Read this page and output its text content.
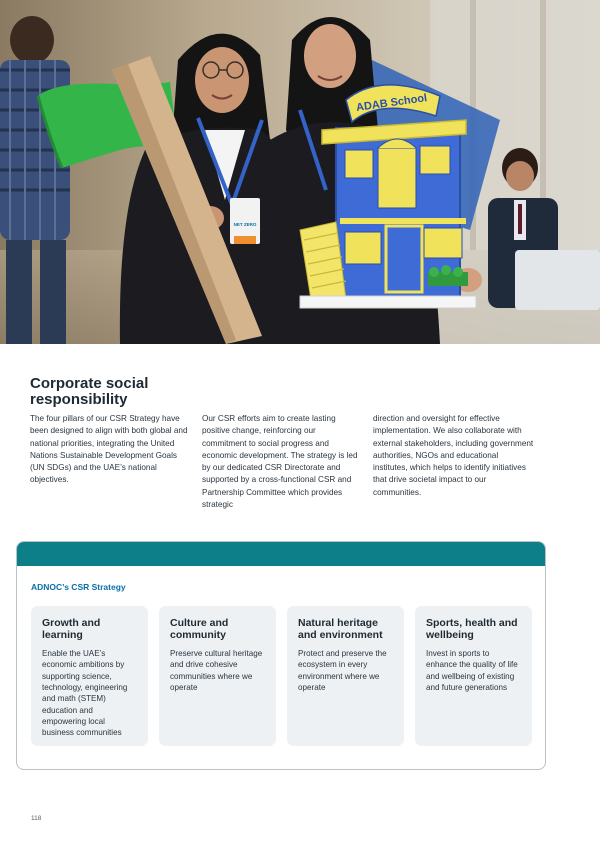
NET ZERO
ADAB School
Corporate social responsibility

The four pillars of our CSR Strategy have been designed to align with both global and national priorities, integrating the United Nations Sustainable Development Goals (UN SDGs) and the UAE’s national objectives.

Our CSR efforts aim to create lasting positive change, reinforcing our commitment to social progress and economic development. The strategy is led by our dedicated CSR Directorate and supported by a cross-functional CSR and Partnership Committee which provides strategic

direction and oversight for effective implementation. We also collaborate with external stakeholders, including government authorities, NGOs and educational institutes, which helps to identify initiatives that drive societal impact to our communities.

ADNOC’s CSR Strategy
Growth and learning
Enable the UAE’s economic ambitions by supporting science, technology, engineering and math (STEM) education and empowering local business communities
Culture and community
Preserve cultural heritage and drive cohesive communities where we operate
Natural heritage and environment
Protect and preserve the ecosystem in every environment where we operate
Sports, health and wellbeing
Invest in sports to enhance the quality of life and wellbeing of existing and future generations
118
